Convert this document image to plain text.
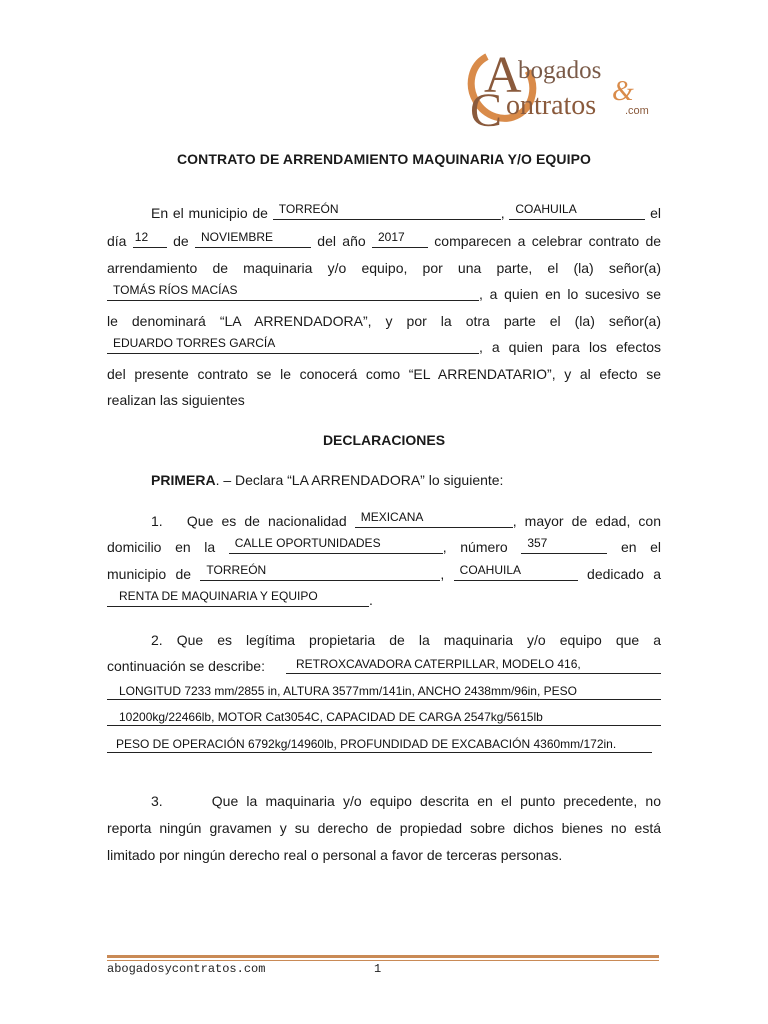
A
bogados
&
C ontratos	.com
CONTRATO DE ARRENDAMIENTO MAQUINARIA Y/O EQUIPO
En el municipio de TORREÓN	, COAHUILA	el
día 12 de NOVIEMBRE	del año 2017 comparecen a celebrar contrato de
arrendamiento de maquinaria y/o equipo, por una parte, el (la) señor(a)
TOMÁS RÍOS MACÍAS	, a quien en lo sucesivo se
le denominará “LA ARRENDADORA”, y por la otra parte el (la) señor(a)
EDUARDO TORRES GARCÍA	, a quien para los efectos
del presente contrato se le conocerá como “EL ARRENDATARIO”, y al efecto se
realizan las siguientes
DECLARACIONES
PRIMERA. – Declara “LA ARRENDADORA” lo siguiente:
1.   Que es de nacionalidad MEXICANA	, mayor de edad, con
domicilio en la CALLE OPORTUNIDADES	, número 357	en el
municipio de TORREÓN	, COAHUILA	dedicado a
RENTA DE MAQUINARIA Y EQUIPO	.
2. Que es legítima propietaria de la maquinaria y/o equipo que a
continuación se describe:	RETROXCAVADORA CATERPILLAR, MODELO 416,
LONGITUD 7233 mm/2855 in, ALTURA 3577mm/141in, ANCHO 2438mm/96in, PESO
10200kg/22466lb, MOTOR Cat3054C, CAPACIDAD DE CARGA 2547kg/5615lb
PESO DE OPERACIÓN 6792kg/14960lb, PROFUNDIDAD DE EXCABACIÓN 4360mm/172in.
3.      Que la maquinaria y/o equipo descrita en el punto precedente, no
reporta ningún gravamen y su derecho de propiedad sobre dichos bienes no está
limitado por ningún derecho real o personal a favor de terceras personas.
abogadosycontratos.com	1
